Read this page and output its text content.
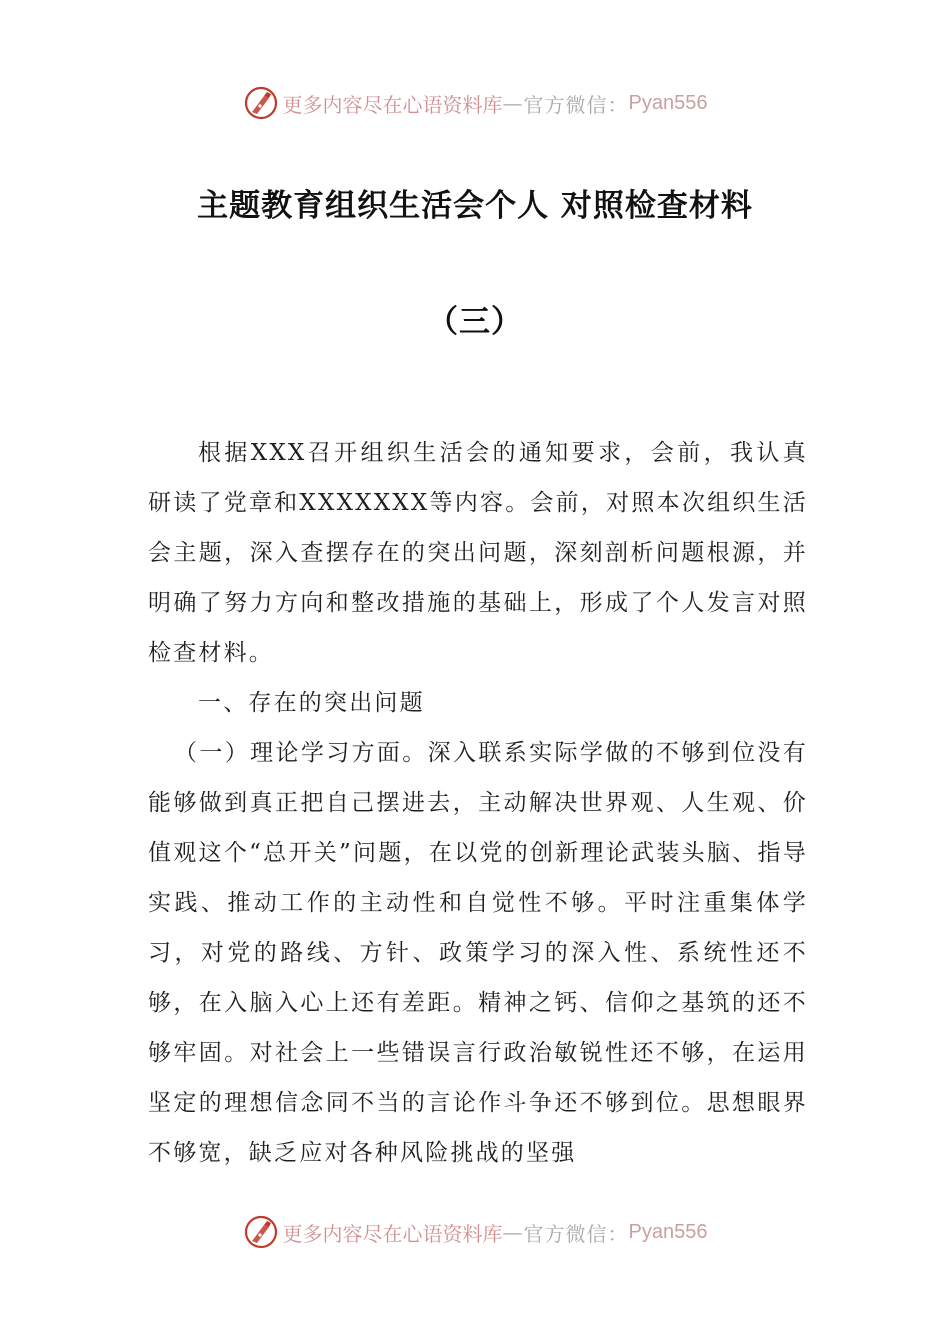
更多内容尽在心语资料库 — 官方微信： Pyan556
主题教育组织生活会个人 对照检查材料
（三）

根据XXX召开组织生活会的通知要求，会前，我认真研读了党章和XXXXXXX等内容。会前，对照本次组织生活会主题，深入查摆存在的突出问题，深刻剖析问题根源，并明确了努力方向和整改措施的基础上，形成了个人发言对照检查材料。

一、存在的突出问题

（一）理论学习方面。深入联系实际学做的不够到位没有能够做到真正把自己摆进去，主动解决世界观、人生观、价值观这个“总开关”问题，在以党的创新理论武装头脑、指导实践、推动工作的主动性和自觉性不够。平时注重集体学习，对党的路线、方针、政策学习的深入性、系统性还不够，在入脑入心上还有差距。精神之钙、信仰之基筑的还不够牢固。对社会上一些错误言行政治敏锐性还不够，在运用坚定的理想信念同不当的言论作斗争还不够到位。思想眼界不够宽，缺乏应对各种风险挑战的坚强

更多内容尽在心语资料库 — 官方微信： Pyan556
